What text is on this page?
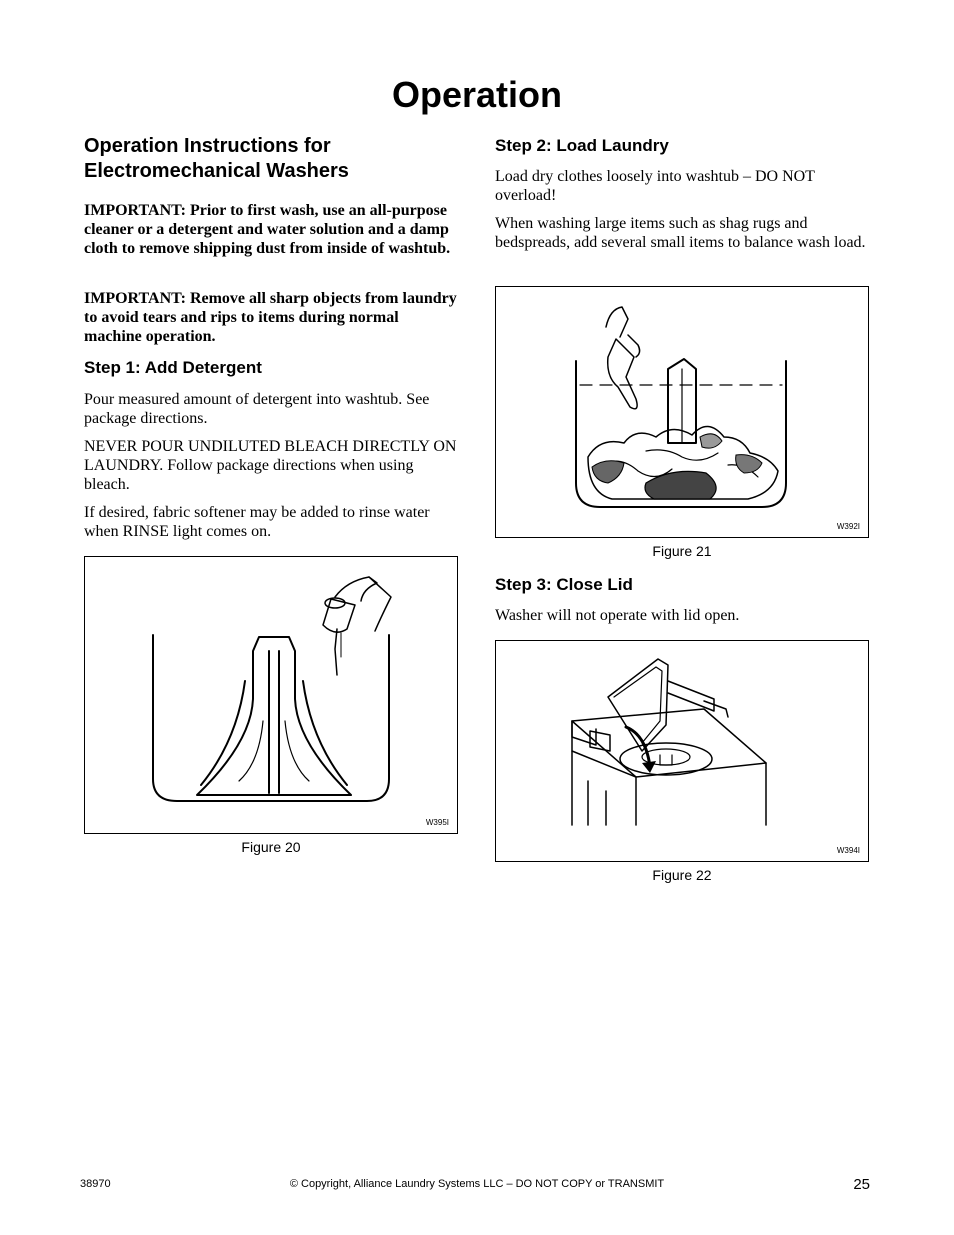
Operation
Operation Instructions for Electromechanical Washers

IMPORTANT: Prior to first wash, use an all-purpose cleaner or a detergent and water solution and a damp cloth to remove shipping dust from inside of washtub.

IMPORTANT: Remove all sharp objects from laundry to avoid tears and rips to items during normal machine operation.

Step 1: Add Detergent

Pour measured amount of detergent into washtub. See package directions.

NEVER POUR UNDILUTED BLEACH DIRECTLY ON LAUNDRY. Follow package directions when using bleach.

If desired, fabric softener may be added to rinse water when RINSE light comes on.

W395I
Figure 20
Step 2: Load Laundry

Load dry clothes loosely into washtub – DO NOT overload!

When washing large items such as shag rugs and bedspreads, add several small items to balance wash load.

W392I
Figure 21
Step 3: Close Lid

Washer will not operate with lid open.

W394I
Figure 22
38970	© Copyright, Alliance Laundry Systems LLC – DO NOT COPY or TRANSMIT	25
